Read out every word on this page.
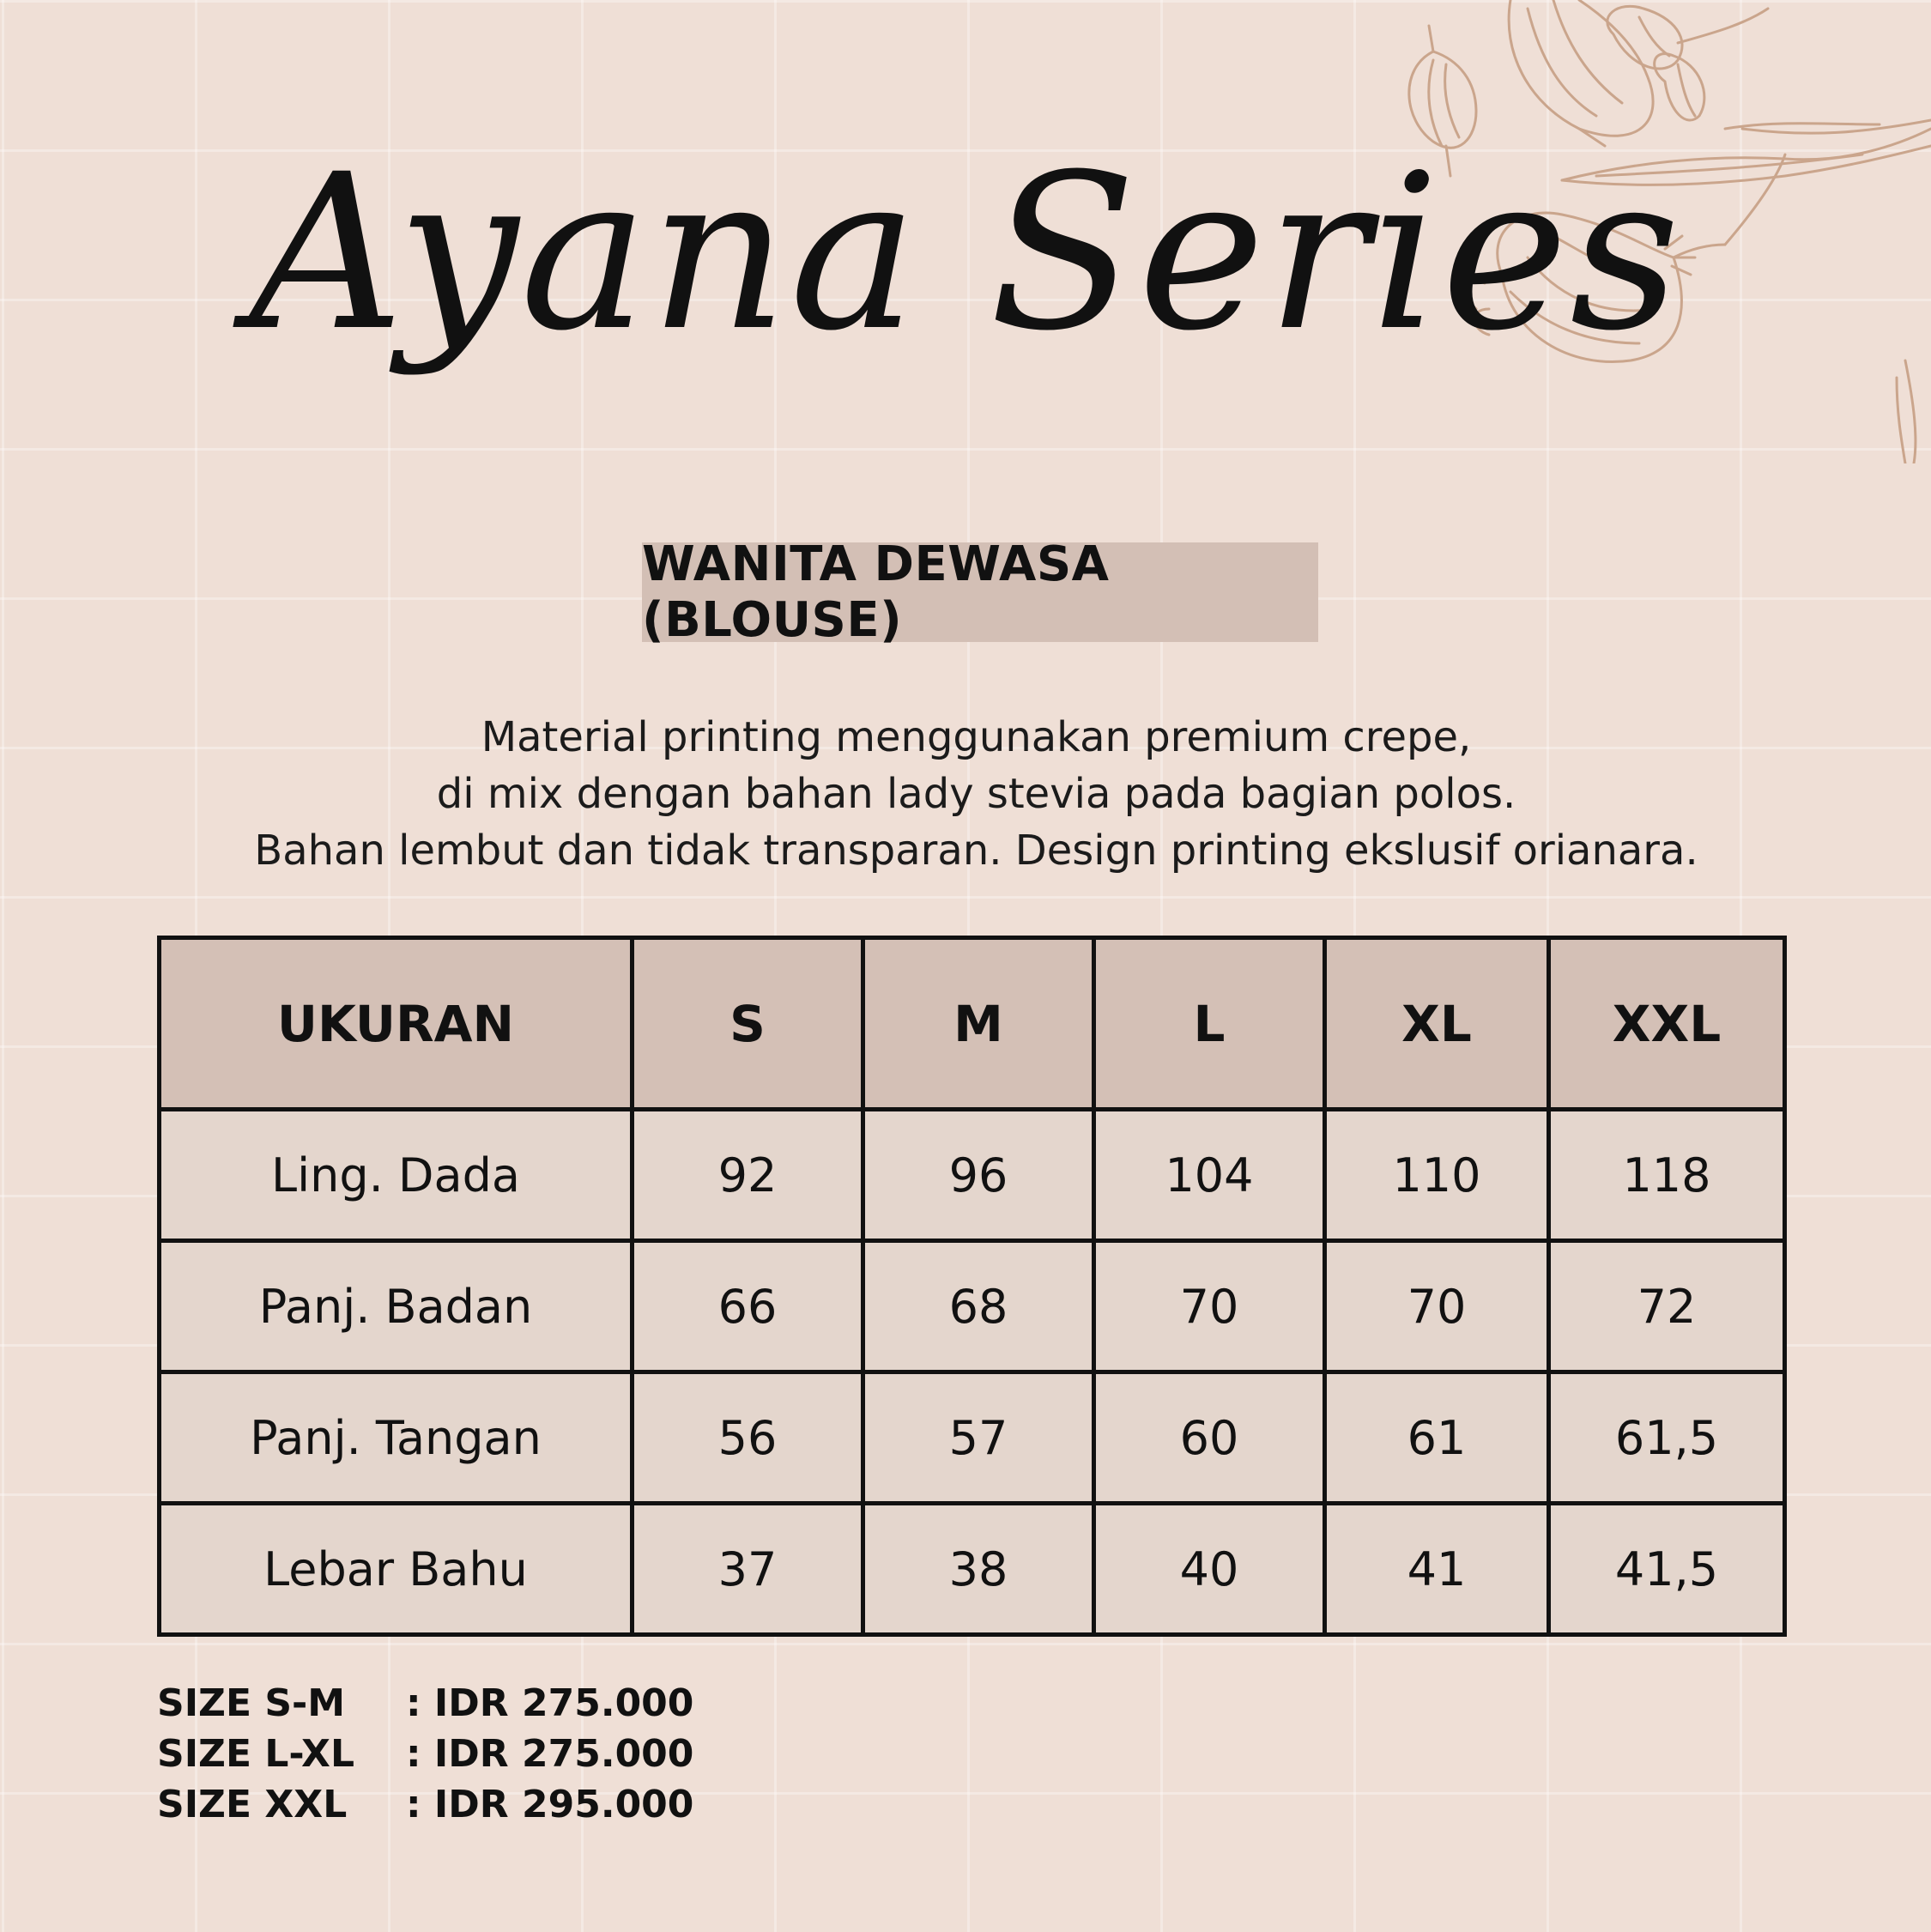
Ayana Series
WANITA DEWASA (BLOUSE)
Material printing menggunakan premium crepe,
di mix dengan bahan lady stevia pada bagian polos.
Bahan lembut dan tidak transparan. Design printing ekslusif orianara.
UKURAN	S	M	L	XL	XXL
Ling. Dada	92	96	104	110	118
Panj. Badan	66	68	70	70	72
Panj. Tangan	56	57	60	61	61,5
Lebar Bahu	37	38	40	41	41,5
SIZE S-M	: IDR 275.000
SIZE L-XL	: IDR 275.000
SIZE XXL	: IDR 295.000
